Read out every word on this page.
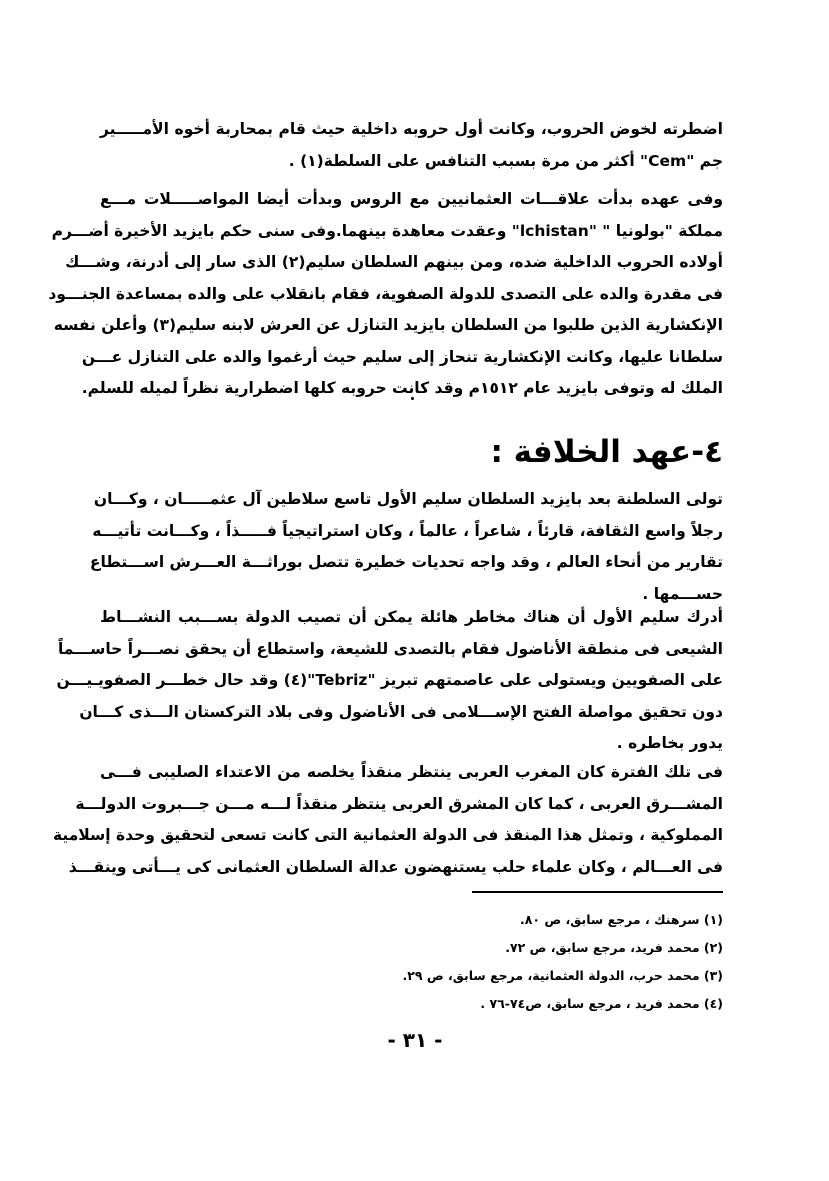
اضطرته لخوض الحروب، وكانت أول حروبه داخلية حيث قام بمحاربة أخوه الأمـــــير
جم "Cem" أكثر من مرة بسبب التنافس على السلطة(١) .
وفى عهده بدأت علاقـــات العثمانيين مع الروس وبدأت أيضا المواصـــــلات مـــع
مملكة "بولونيا " "lchistan" وعقدت معاهدة بينهما.وفى سنى حكم بايزيد الأخيرة أضـــرم
أولاده الحروب الداخلية ضده، ومن بينهم السلطان سليم(٢) الذى سار إلى أدرنة، وشـــك
فى مقدرة والده على التصدى للدولة الصفوية، فقام بانقلاب على والده بمساعدة الجنـــود
الإنكشارية الذين طلبوا من السلطان بايزيد التنازل عن العرش لابنه سليم(٣) وأعلن نفسه
سلطانا عليها، وكانت الإنكشارية تنحاز إلى سليم حيث أرغموا والده على التنازل عـــن
الملك له وتوفى بايزيد عام ١٥١٢م وقد كانت حروبه كلها اضطرارية نظراً لميله للسلم.
٤-عهد الخلافة :
تولى السلطنة بعد بايزيد السلطان سليم الأول تاسع سلاطين آل عثمـــــان ، وكـــان
رجلاً واسع الثقافة، قارئاً ، شاعراً ، عالماً ، وكان استراتيجياً فـــــذاً ، وكـــانت تأتيـــه
تقارير من أنحاء العالم ، وقد واجه تحديات خطيرة تتصل بوراثـــة العـــرش اســـتطاع
حســـمها .
أدرك سليم الأول أن هناك مخاطر هائلة يمكن أن تصيب الدولة بســـبب النشـــاط
الشيعى فى منطقة الأناضول فقام بالتصدى للشيعة، واستطاع أن يحقق نصـــراً حاســـماً
على الصفويين ويستولى على عاصمتهم تبريز "Tebriz"(٤) وقد حال خطـــر الصفويـيـــن
دون تحقيق مواصلة الفتح الإســـلامى فى الأناضول وفى بلاد التركستان الـــذى كـــان
يدور بخاطره .
فى تلك الفترة كان المغرب العربى ينتظر منقذاً يخلصه من الاعتداء الصليبى فـــى
المشـــرق العربى ، كما كان المشرق العربى ينتظر منقذاً لـــه مـــن جـــبروت الدولـــة
المملوكية ، وتمثل هذا المنقذ فى الدولة العثمانية التى كانت تسعى لتحقيق وحدة إسلامية
فى العـــالم ، وكان علماء حلب يستنهضون عدالة السلطان العثمانى كى يـــأتى وينقـــذ
(١) سرهنك ، مرجع سابق، ص ٨٠.
(٢) محمد فريد، مرجع سابق، ص ٧٢.
(٣) محمد حرب، الدولة العثمانية، مرجع سابق، ص ٢٩.
(٤) محمد فريد ، مرجع سابق، ص٧٤-٧٦ .
- ٣١ -
